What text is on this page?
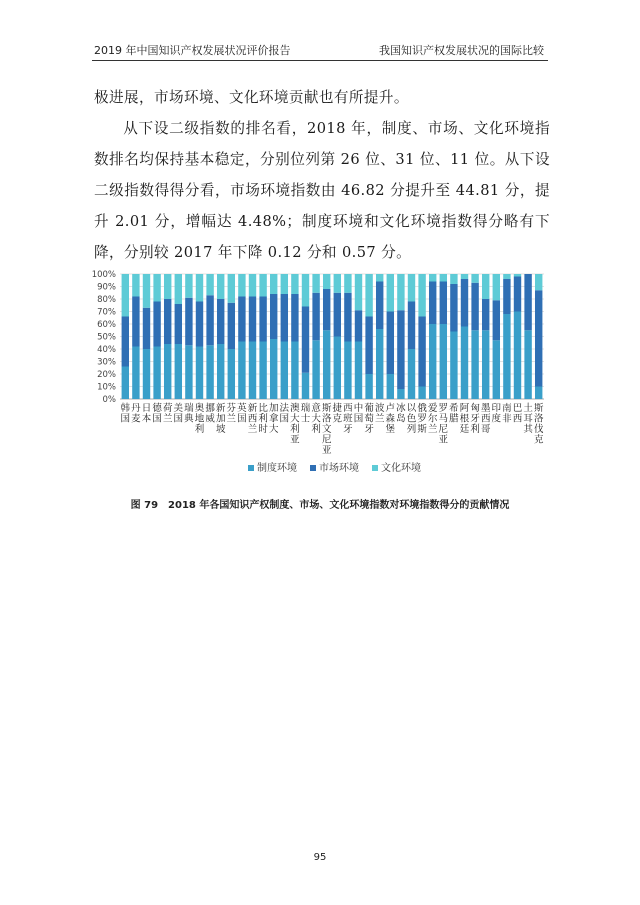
2019 年中国知识产权发展状况评价报告	我国知识产权发展状况的国际比较

极进展，市场环境、文化环境贡献也有所提升。

从下设二级指数的排名看，2018 年，制度、市场、文化环境指数排名均保持基本稳定，分别位列第 26 位、31 位、11 位。从下设二级指数得得分看，市场环境指数由 46.82 分提升至 44.81 分，提升 2.01 分，增幅达 4.48%；制度环境和文化环境指数得分略有下降，分别较 2017 年下降 0.12 分和 0.57 分。

0%
10%
20%
30%
40%
50%
60%
70%
80%
90%
100%
韩
国
丹
麦
日
本
德
国
荷
兰
美
国
瑞
典
奥
地
利
挪
威
新
加
坡
芬
兰
英
国
新
西
兰
比
利
时
加
拿
大
法
国
澳
大
利
亚
瑞
士
意
大
利
斯
洛
文
尼
亚
捷
克
西
班
牙
中
国
葡
萄
牙
波
兰
卢
森
堡
冰
岛
以
色
列
俄
罗
斯
爱
尔
兰
罗
马
尼
亚
希
腊
阿
根
廷
匈
牙
利
墨
西
哥
印
度
南
非
巴
西
土
耳
其
斯
洛
伐
克
制度环境 市场环境 文化环境
图 79　2018 年各国知识产权制度、市场、文化环境指数对环境指数得分的贡献情况
95
